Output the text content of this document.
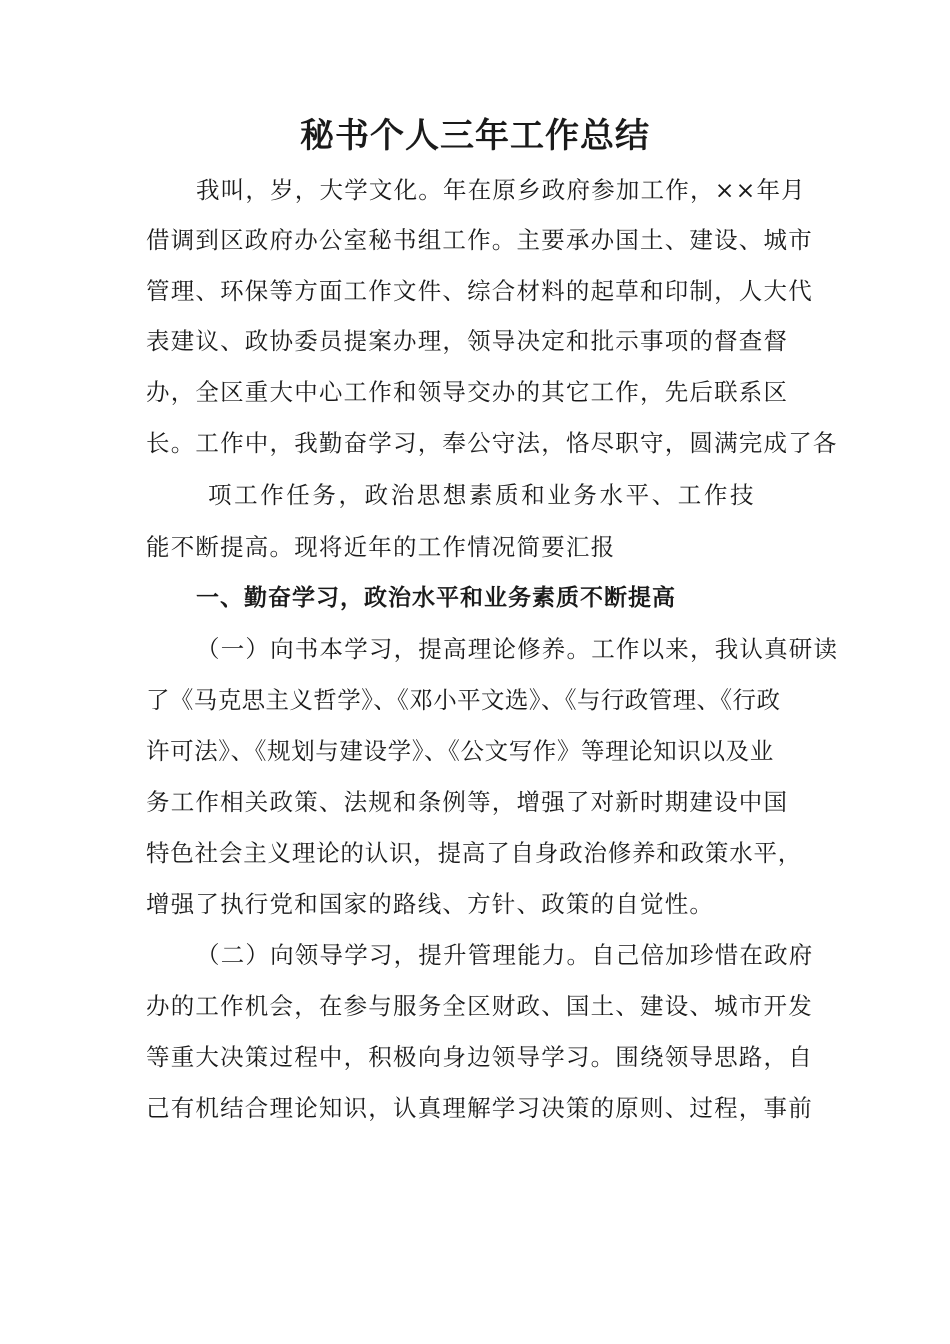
秘书个人三年工作总结
我叫，岁，大学文化。年在原乡政府参加工作，××年月
借调到区政府办公室秘书组工作。主要承办国土、建设、城市
管理、环保等方面工作文件、综合材料的起草和印制，人大代
表建议、政协委员提案办理，领导决定和批示事项的督查督
办，全区重大中心工作和领导交办的其它工作，先后联系区
长。工作中，我勤奋学习，奉公守法，恪尽职守，圆满完成了各
项工作任务，政治思想素质和业务水平、工作技
能不断提高。现将近年的工作情况简要汇报
一、勤奋学习，政治水平和业务素质不断提高
（一）向书本学习，提高理论修养。工作以来，我认真研读
了《马克思主义哲学》、《邓小平文选》、《与行政管理、《行政
许可法》、《规划与建设学》、《公文写作》等理论知识以及业
务工作相关政策、法规和条例等，增强了对新时期建设中国
特色社会主义理论的认识，提高了自身政治修养和政策水平，
增强了执行党和国家的路线、方针、政策的自觉性。
（二）向领导学习，提升管理能力。自己倍加珍惜在政府
办的工作机会，在参与服务全区财政、国土、建设、城市开发
等重大决策过程中，积极向身边领导学习。围绕领导思路，自
己有机结合理论知识，认真理解学习决策的原则、过程，事前
